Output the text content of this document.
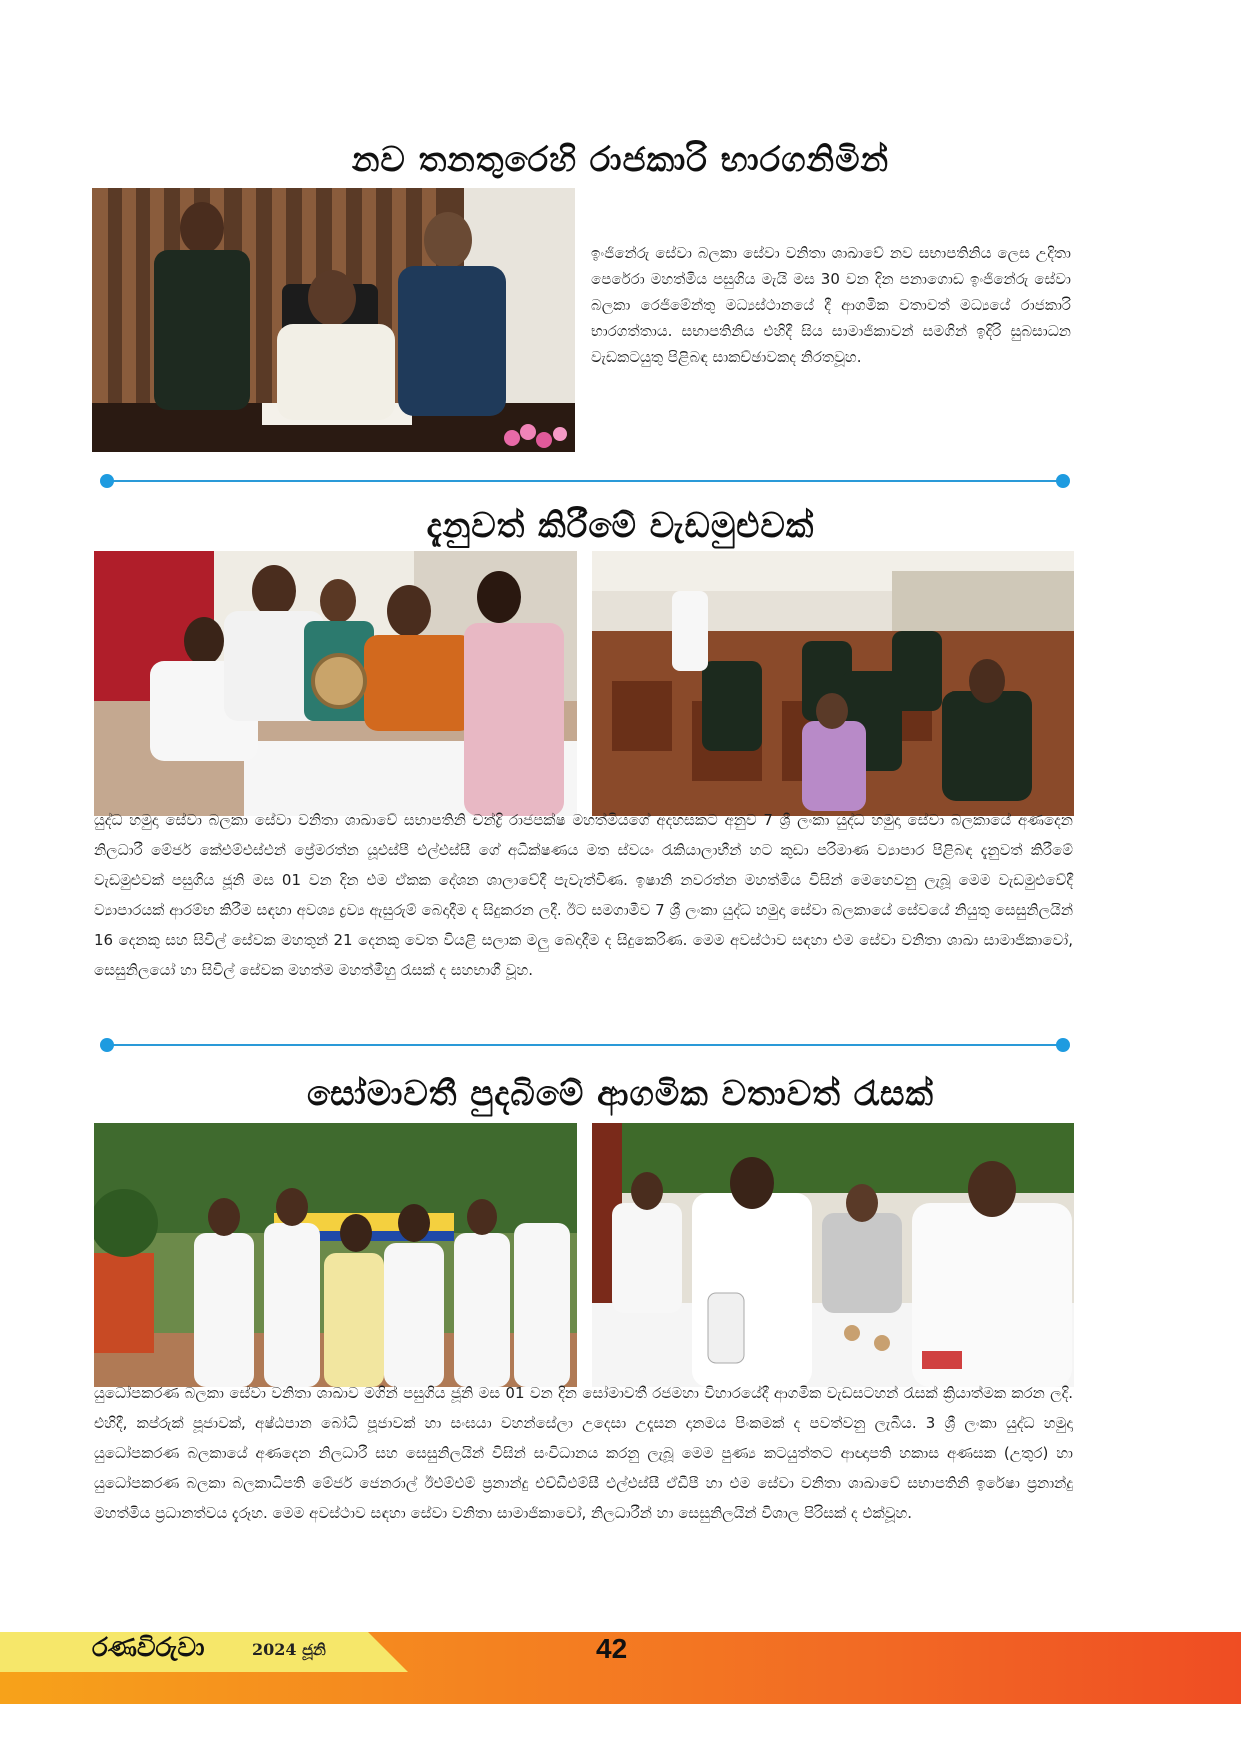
නව තනතුරෙහි රාජකාරි භාරගනිමින්
ඉංජිනේරු සේවා බලකා සේවා වනිතා ශාඛාවේ නව සභාපතිනිය ලෙස උදිතා පෙරේරා මහත්මිය පසුගිය මැයි මස 30 වන දින පනාගොඩ ඉංජිනේරු සේවා බලකා රෙජිමේන්තු මධ්‍යස්ථානයේ දී ආගමික වතාවත් මධ්‍යයේ රාජකාරි භාරගත්තාය. සභාපතිනිය එහිදී සිය සාමාජිකාවන් සමගින් ඉදිරි සුබසාධන වැඩකටයුතු පිළිබඳ සාකච්ඡාවකද නිරතවූහ.
දැනුවත් කිරීමේ වැඩමුළුවක්
යුද්ධ හමුදා සේවා බලකා සේවා වනිතා ශාඛාවේ සභාපතිනි චන්ද්‍රි රාජපක්ෂ මහත්මියගේ අදහසකට අනුව 7 ශ්‍රී ලංකා යුද්ධ හමුදා සේවා බලකායේ අණදෙන නිලධාරී මේජර් කේඑම්එස්එන් ප්‍රේමරත්න යූඑස්පී එල්එස්සී ගේ අධීක්ෂණය මත ස්වයං රැකියාලාභීන් හට කුඩා පරිමාණ ව්‍යාපාර පිළිබඳ දැනුවත් කිරීමේ වැඩමුළුවක් පසුගිය ජූනි මස 01 වන දින එම ඒකක දේශන ශාලාවේදී පැවැත්විණ. ඉෂානි නවරත්න මහත්මිය විසින් මෙහෙවනු ලැබූ මෙම වැඩමුළුවේදී ව්‍යාපාරයක් ආරම්භ කිරීම සඳහා අවශ්‍ය ද්‍රව්‍ය ඇසුරුම් බෙදාදීම ද සිදුකරන ලදී. ඊට සමගාමීව 7 ශ්‍රී ලංකා යුද්ධ හමුදා සේවා බලකායේ සේවයේ නියුතු සෙසුනිලයින් 16 දෙනකු සහ සිවිල් සේවක මහතුන් 21 දෙනකු වෙත වියළි සලාක මලු බෙදාදීම ද සිදුකෙරිණ. මෙම අවස්ථාව සඳහා එම සේවා වනිතා ශාඛා සාමාජිකාවෝ, සෙසුනිලයෝ හා සිවිල් සේවක මහත්ම මහත්මීහු රැසක් ද සහභාගී වූහ.
සෝමාවතී පුදබිමේ ආගමික වතාවත් රැසක්
යුධෝපකරණ බලකා සේවා වනිතා ශාඛාව මගින් පසුගිය ජූනි මස 01 වන දින සෝමාවතී රජමහා විහාරයේදී ආගමික වැඩසටහන් රැසක් ක්‍රියාත්මක කරන ලදි. එහිදී, කප්රුක් පූජාවක්, අෂ්ඨපාන බෝධි පූජාවක් හා සංඝයා වහන්සේලා උදෙසා උදෑසන දානමය පිංකමක් ද පවත්වනු ලැබීය. 3 ශ්‍රී ලංකා යුද්ධ හමුදා යුධෝපකරණ බලකායේ අණදෙන නිලධාරී සහ සෙසුනිලයින් විසින් සංවිධානය කරනු ලැබූ මෙම පුණ්‍ය කටයුත්තට ආඥාපති හකාස අණසක (උතුර) හා යුධෝපකරණ බලකා බලකාධිපති මේජර් ජෙනරාල් ඊඑම්එම් ප්‍රනාන්දු එච්ඩීඑම්සී එල්එස්සී ඒඩීපී හා එම සේවා වනිතා ශාඛාවේ සභාපතිනි ඉරේෂා ප්‍රනාන්දු මහත්මිය ප්‍රධානත්වය දැරූහ. මෙම අවස්ථාව සඳහා සේවා වනිතා සාමාජිකාවෝ, නිලධාරීන් හා සෙසුනිලයින් විශාල පිරිසක් ද එක්වූහ.
රණවිරුවා	2024 ජූනි	42
